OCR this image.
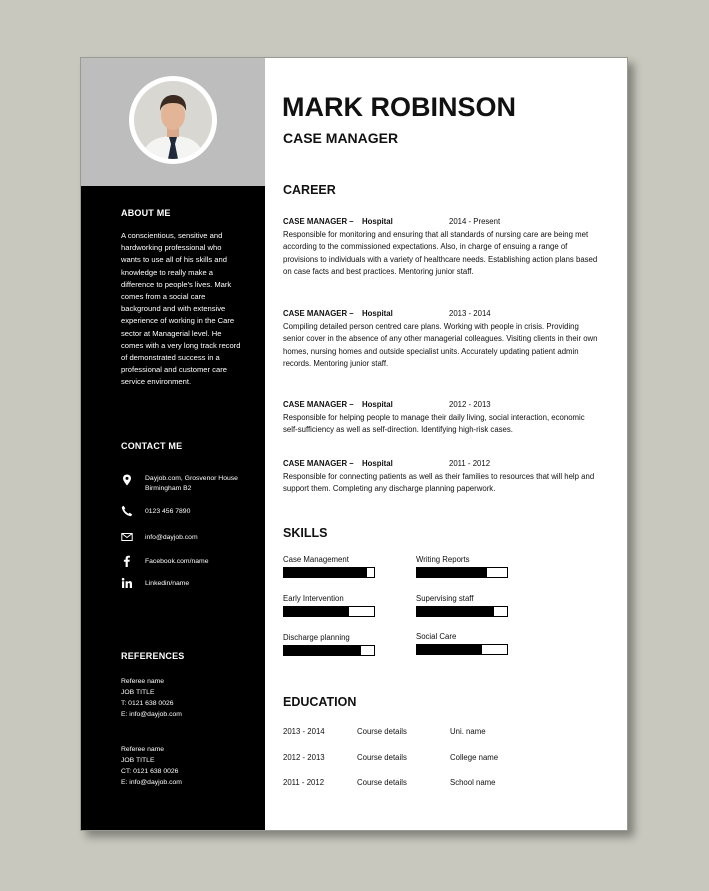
ABOUT ME
A conscientious, sensitive and hardworking professional who wants to use all of his skills and knowledge to really make a difference to people's lives. Mark comes from a social care background and with extensive experience of working in the Care sector at Managerial level. He comes with a very long track record of demonstrated success in a professional and customer care service environment.
CONTACT ME
Dayjob.com, Grosvenor House Birmingham B2
0123 456 7890
info@dayjob.com
Facebook.com/name
Linkedin/name
REFERENCES
Referee name
JOB TITLE
T: 0121 638 0026
E: info@dayjob.com
Referee name
JOB TITLE
CT: 0121 638 0026
E: info@dayjob.com
MARK ROBINSON
CASE MANAGER
CAREER
CASE MANAGER – Hospital	2014 - Present
Responsible for monitoring and ensuring that all standards of nursing care are being met according to the commissioned expectations. Also, in charge of ensuing a range of provisions to individuals with a variety of healthcare needs. Establishing action plans based on case facts and best practices. Mentoring junior staff.
CASE MANAGER – Hospital	2013 - 2014
Compiling detailed person centred care plans. Working with people in crisis. Providing senior cover in the absence of any other managerial colleagues. Visiting clients in their own homes, nursing homes and outside specialist units. Accurately updating patient admin records. Mentoring junior staff.
CASE MANAGER – Hospital	2012 - 2013
Responsible for helping people to manage their daily living, social interaction, economic self-sufficiency as well as self-direction. Identifying high-risk cases.
CASE MANAGER – Hospital	2011 - 2012
Responsible for connecting patients as well as their families to resources that will help and support them. Completing any discharge planning paperwork.
SKILLS
Case Management	Writing Reports
Early Intervention	Supervising staff
Discharge planning	Social Care
EDUCATION
2013 - 2014	Course details	Uni. name
2012 - 2013	Course details	College name
2011 - 2012	Course details	School name
